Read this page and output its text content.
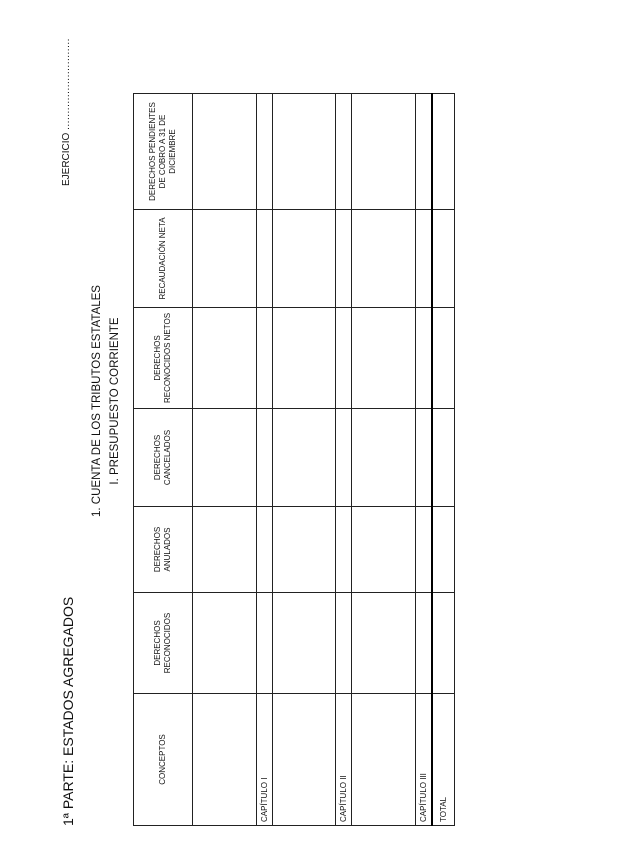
1ª PARTE: ESTADOS AGREGADOS
1. CUENTA DE LOS TRIBUTOS ESTATALES I. PRESUPUESTO CORRIENTE
EJERCICIO ............................
CONCEPTOS	DERECHOS RECONOCIDOS	DERECHOS ANULADOS	DERECHOS CANCELADOS	DERECHOS RECONOCIDOS NETOS	RECAUDACIÓN NETA	DERECHOS PENDIENTES DE COBRO A 31 DE DICIEMBRE

CAPÍTULO I						

CAPÍTULO II						

CAPÍTULO III						
TOTAL						
